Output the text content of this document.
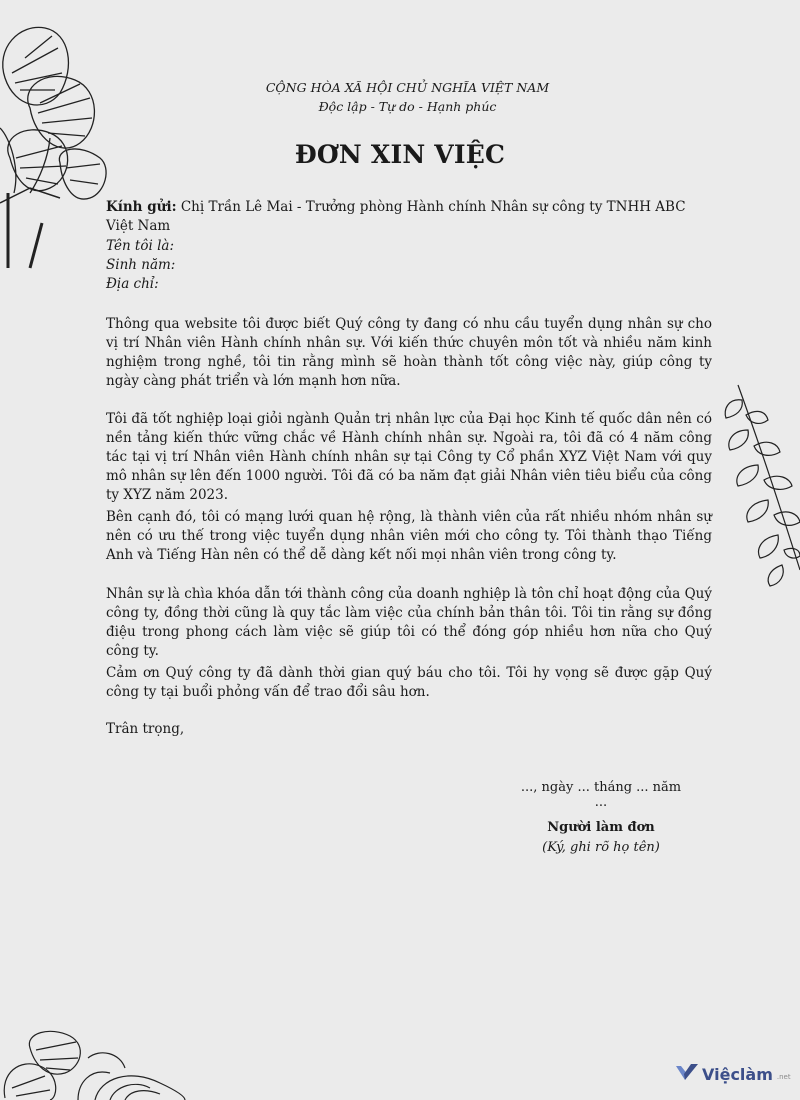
CỘNG HÒA XÃ HỘI CHỦ NGHĨA VIỆT NAM
Độc lập - Tự do - Hạnh phúc
ĐƠN XIN VIỆC
Kính gửi: Chị Trần Lê Mai - Trưởng phòng Hành chính Nhân sự công ty TNHH ABC Việt Nam
Tên tôi là:
Sinh năm:
Địa chỉ:
Thông qua website tôi được biết Quý công ty đang có nhu cầu tuyển dụng nhân sự cho vị trí Nhân viên Hành chính nhân sự. Với kiến thức chuyên môn tốt và nhiều năm kinh nghiệm trong nghề, tôi tin rằng mình sẽ hoàn thành tốt công việc này, giúp công ty ngày càng phát triển và lớn mạnh hơn nữa.
Tôi đã tốt nghiệp loại giỏi ngành Quản trị nhân lực của Đại học Kinh tế quốc dân nên có nền tảng kiến thức vững chắc về Hành chính nhân sự. Ngoài ra, tôi đã có 4 năm công tác tại vị trí Nhân viên Hành chính nhân sự tại Công ty Cổ phần XYZ Việt Nam với quy mô nhân sự lên đến 1000 người. Tôi đã có ba năm đạt giải Nhân viên tiêu biểu của công ty XYZ năm 2023.
Bên cạnh đó, tôi có mạng lưới quan hệ rộng, là thành viên của rất nhiều nhóm nhân sự nên có ưu thế trong việc tuyển dụng nhân viên mới cho công ty. Tôi thành thạo Tiếng Anh và Tiếng Hàn nên có thể dễ dàng kết nối mọi nhân viên trong công ty.
Nhân sự là chìa khóa dẫn tới thành công của doanh nghiệp là tôn chỉ hoạt động của Quý công ty, đồng thời cũng là quy tắc làm việc của chính bản thân tôi. Tôi tin rằng sự đồng điệu trong phong cách làm việc sẽ giúp tôi có thể đóng góp nhiều hơn nữa cho Quý công ty.
Cảm ơn Quý công ty đã dành thời gian quý báu cho tôi. Tôi hy vọng sẽ được gặp Quý công ty tại buổi phỏng vấn để trao đổi sâu hơn.
Trân trọng,
..., ngày ... tháng ... năm ...
Người làm đơn
(Ký, ghi rõ họ tên)
Việclàm .net
